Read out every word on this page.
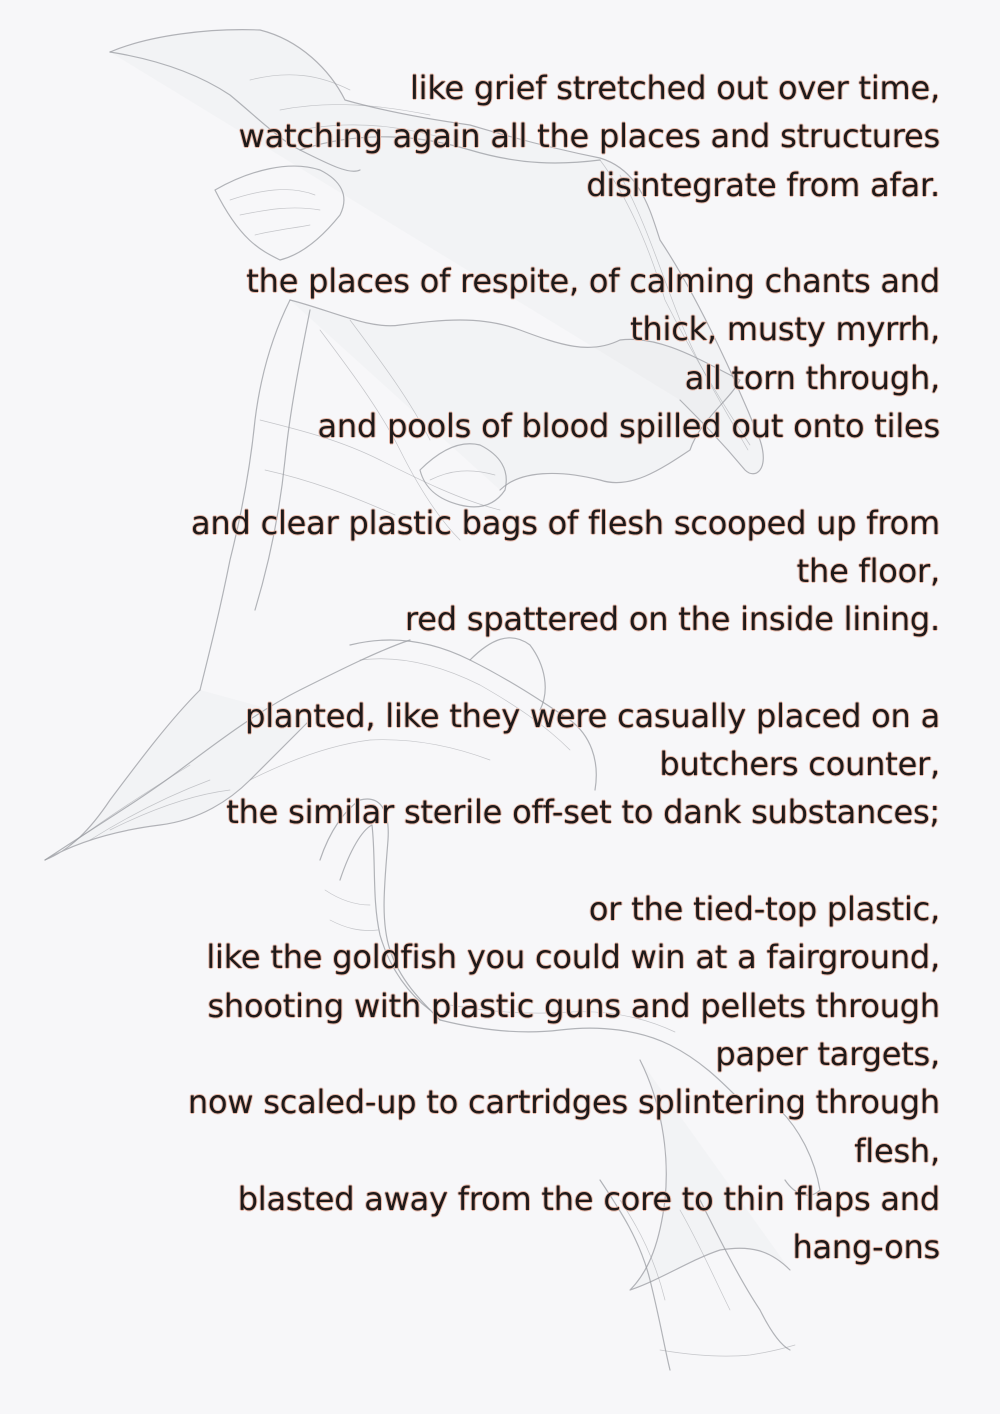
like grief stretched out over time,
watching again all the places and structures
disintegrate from afar.
the places of respite, of calming chants and
thick, musty myrrh,
all torn through,
and pools of blood spilled out onto tiles
and clear plastic bags of flesh scooped up from
the floor,
red spattered on the inside lining.
planted, like they were casually placed on a
butchers counter,
the similar sterile off-set to dank substances;
or the tied-top plastic,
like the goldfish you could win at a fairground,
shooting with plastic guns and pellets through
paper targets,
now scaled-up to cartridges splintering through
flesh,
blasted away from the core to thin flaps and
hang-ons
